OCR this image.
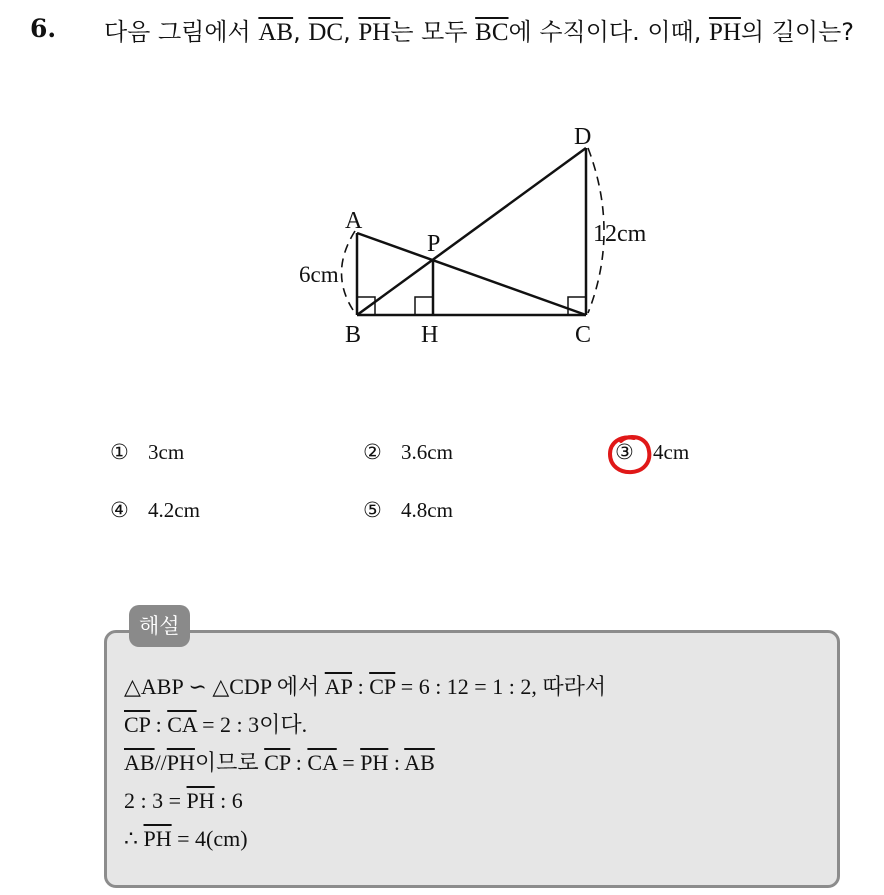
6. 다음 그림에서 $\overline{AB}$, $\overline{DC}$, $\overline{PH}$는 모두 $\overline{BC}$에 수직이다. 이때, $\overline{PH}$의 길이는?
A
B H	C
D
P
6cm
12cm
① 3cm	② 3.6cm	③ 4cm
④ 4.2cm	⑤ 4.8cm
해설
△ABP ∽ △CDP 에서 $\overline{AP}$ : $\overline{CP} = 6$ : 12 = 1 : 2, 따라서
$\overline{CP}$ : $\overline{CA} = 2$ : 3이다.
$\overline{AB}//\overline{PH}$이므로 $\overline{CP}$ : $\overline{CA} = \overline{PH}$ : $\overline{AB}$
2 : $3 = \overline{PH}$ : 6
∴ $\overline{PH} = 4(cm)$
